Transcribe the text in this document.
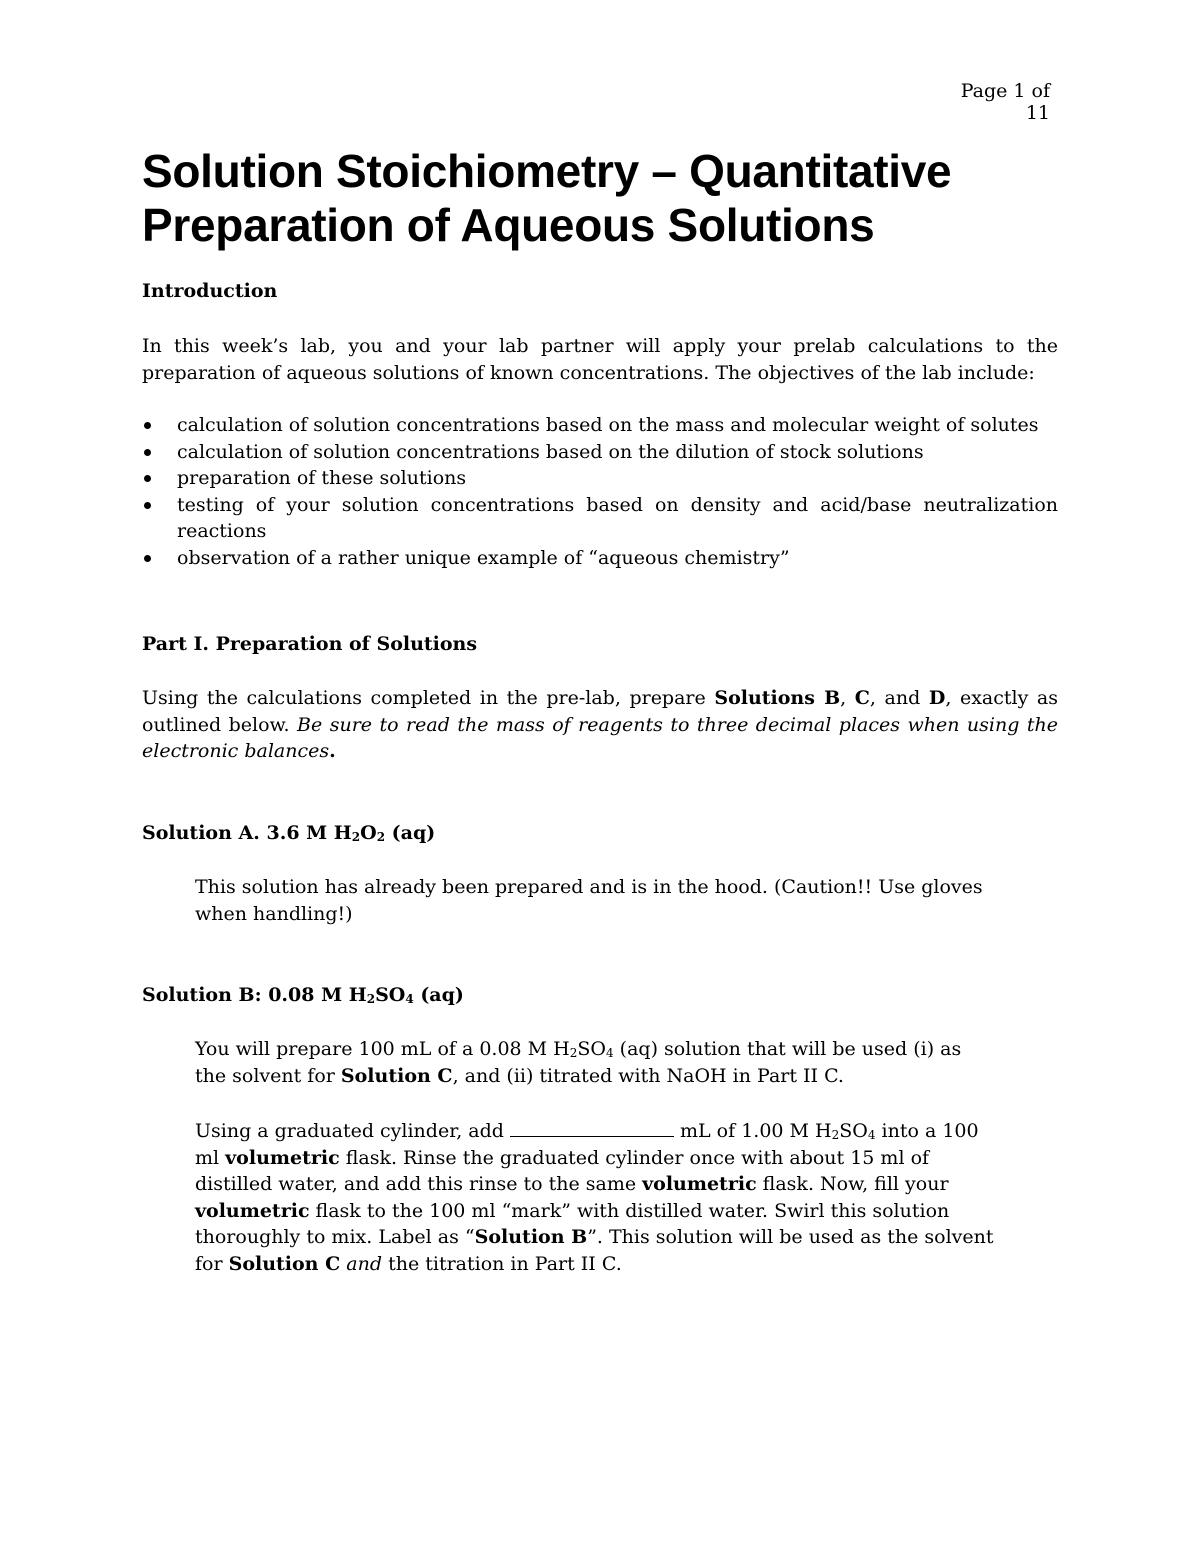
Page 1 of 11
Solution Stoichiometry – Quantitative
Preparation of Aqueous Solutions
Introduction
In this week’s lab, you and your lab partner will apply your prelab calculations to the preparation of aqueous solutions of known concentrations. The objectives of the lab include:
calculation of solution concentrations based on the mass and molecular weight of solutes
calculation of solution concentrations based on the dilution of stock solutions
preparation of these solutions
testing of your solution concentrations based on density and acid/base neutralization reactions
observation of a rather unique example of “aqueous chemistry”
Part I. Preparation of Solutions
Using the calculations completed in the pre-lab, prepare Solutions B, C, and D, exactly as outlined below. Be sure to read the mass of reagents to three decimal places when using the electronic balances.
Solution A. 3.6 M $H_2O_2$ (aq)
This solution has already been prepared and is in the hood. (Caution!! Use gloves when handling!)
Solution B: 0.08 M $H_2SO_4$ (aq)
You will prepare 100 mL of a 0.08 M $H_2SO_4$ (aq) solution that will be used (i) as the solvent for Solution C, and (ii) titrated with NaOH in Part II C.
Using a graduated cylinder, add	mL of 1.00 M $H_2SO_4$ into a 100 ml volumetric flask. Rinse the graduated cylinder once with about 15 ml of distilled water, and add this rinse to the same volumetric flask. Now, fill your volumetric flask to the 100 ml “mark” with distilled water. Swirl this solution thoroughly to mix. Label as “Solution B”. This solution will be used as the solvent for Solution C and the titration in Part II C.
